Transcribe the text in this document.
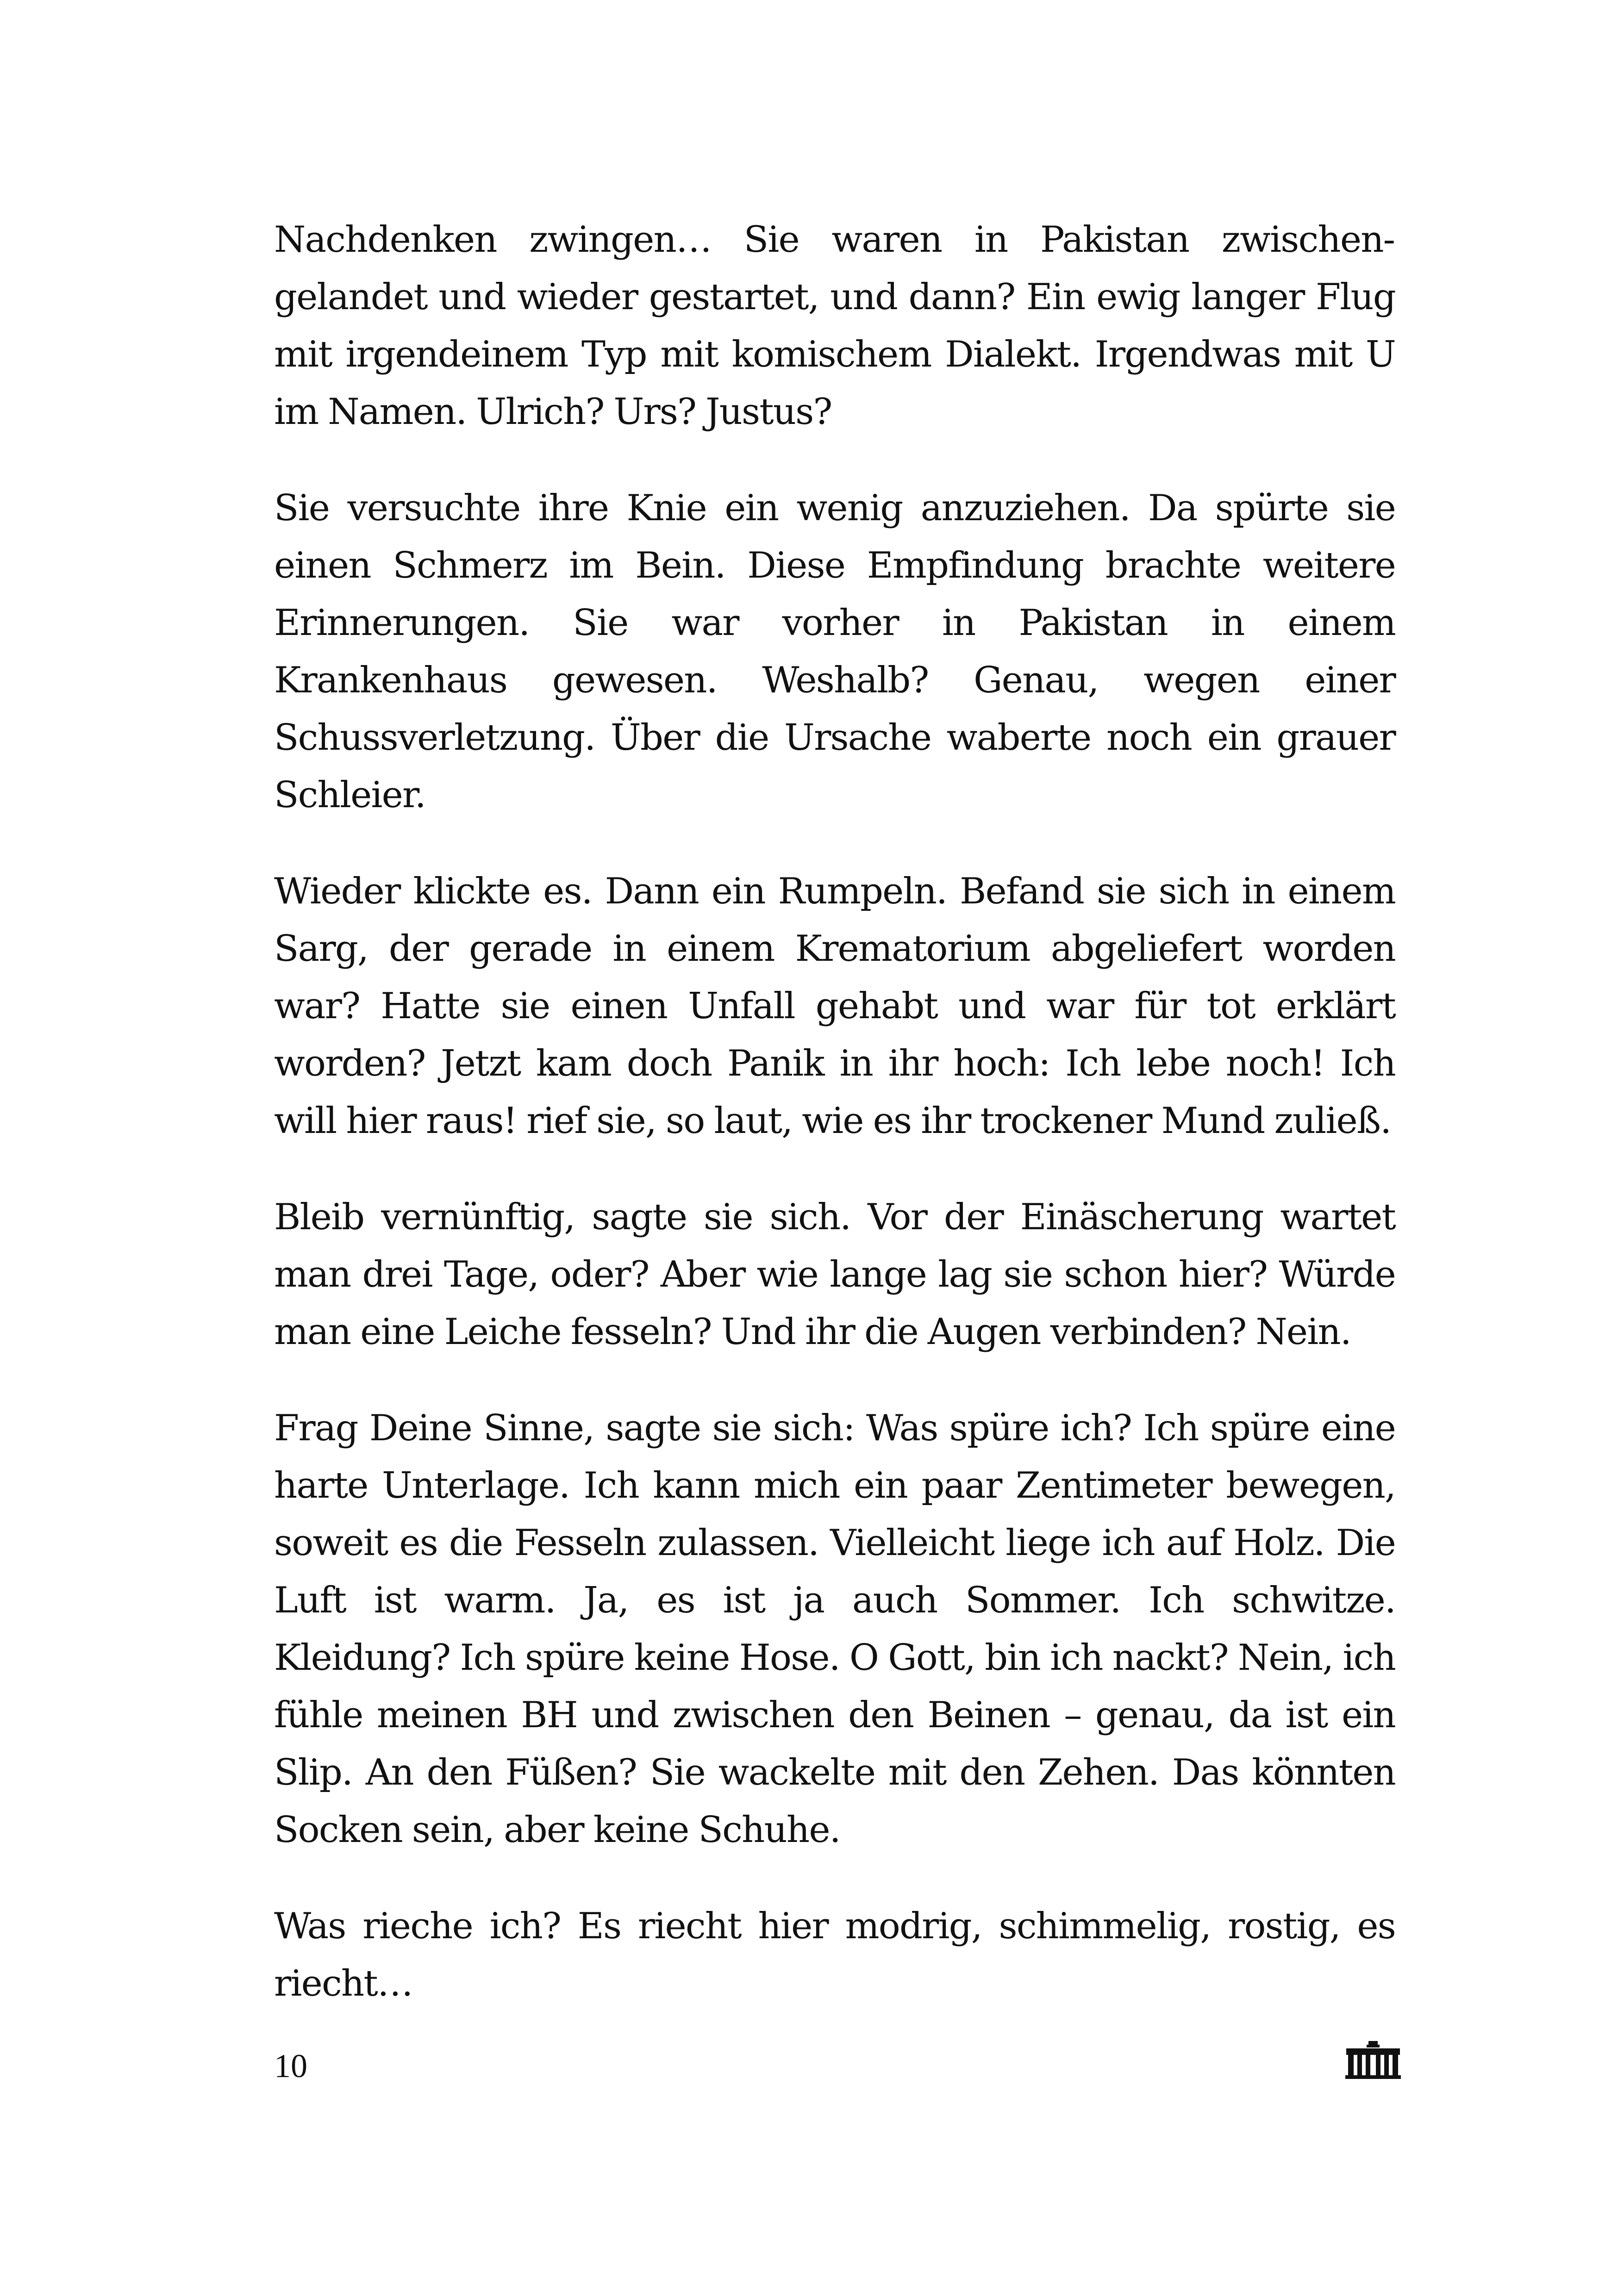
Nachdenken zwingen… Sie waren in Pakistan zwischengelandet und wieder gestartet, und dann? Ein ewig langer Flug mit irgendeinem Typ mit komischem Dialekt. Irgendwas mit U im Namen. Ulrich? Urs? Justus?

Sie versuchte ihre Knie ein wenig anzuziehen. Da spürte sie einen Schmerz im Bein. Diese Empfindung brachte weitere Erinnerungen. Sie war vorher in Pakistan in einem Krankenhaus gewesen. Weshalb? Genau, wegen einer Schussverletzung. Über die Ursache waberte noch ein grauer Schleier.

Wieder klickte es. Dann ein Rumpeln. Befand sie sich in einem Sarg, der gerade in einem Krematorium abgeliefert worden war? Hatte sie einen Unfall gehabt und war für tot erklärt worden? Jetzt kam doch Panik in ihr hoch: Ich lebe noch! Ich will hier raus! rief sie, so laut, wie es ihr trockener Mund zuließ.

Bleib vernünftig, sagte sie sich. Vor der Einäscherung wartet man drei Tage, oder? Aber wie lange lag sie schon hier? Würde man eine Leiche fesseln? Und ihr die Augen verbinden? Nein.

Frag Deine Sinne, sagte sie sich: Was spüre ich? Ich spüre eine harte Unterlage. Ich kann mich ein paar Zentimeter bewegen, soweit es die Fesseln zulassen. Vielleicht liege ich auf Holz. Die Luft ist warm. Ja, es ist ja auch Sommer. Ich schwitze. Kleidung? Ich spüre keine Hose. O Gott, bin ich nackt? Nein, ich fühle meinen BH und zwischen den Beinen – genau, da ist ein Slip. An den Füßen? Sie wackelte mit den Zehen. Das könnten Socken sein, aber keine Schuhe.

Was rieche ich? Es riecht hier modrig, schimmelig, rostig, es riecht…

10
